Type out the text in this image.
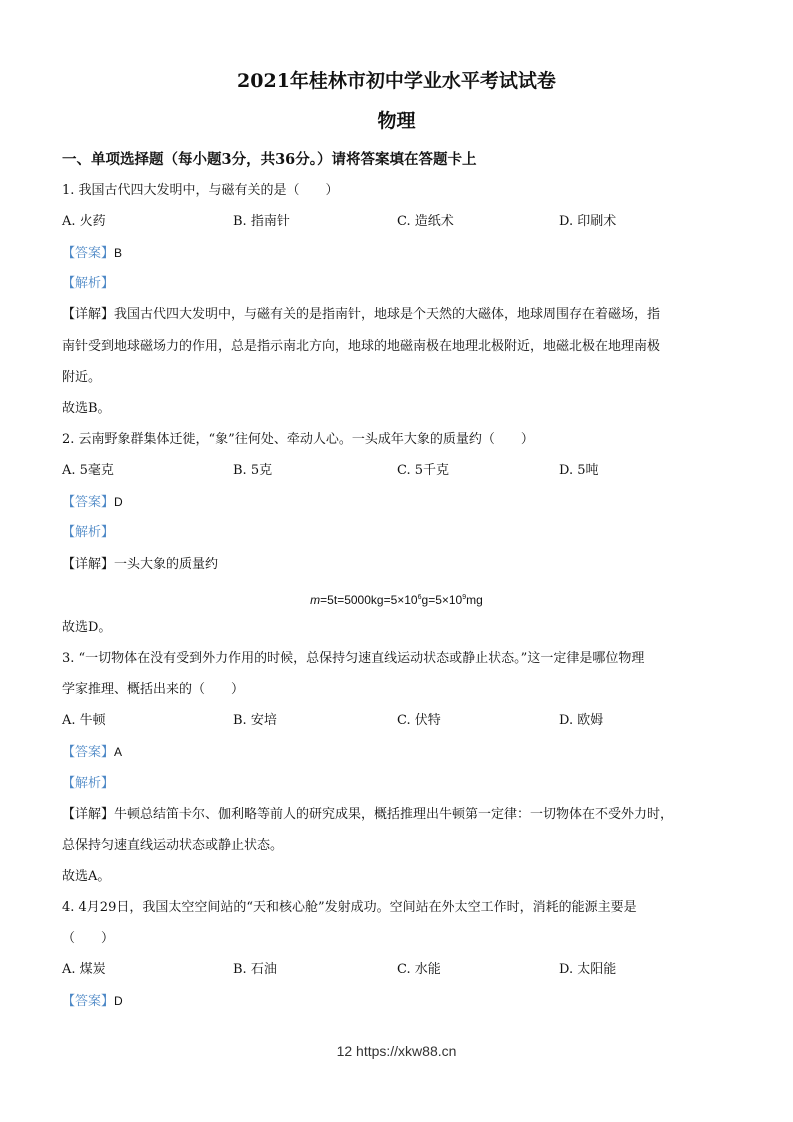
2021年桂林市初中学业水平考试试卷
物理
一、单项选择题（每小题3分，共36分。）请将答案填在答题卡上
1. 我国古代四大发明中，与磁有关的是（　　）
A. 火药	B. 指南针	C. 造纸术	D. 印刷术
【答案】B
【解析】
【详解】我国古代四大发明中，与磁有关的是指南针，地球是个天然的大磁体，地球周围存在着磁场，指
南针受到地球磁场力的作用，总是指示南北方向，地球的地磁南极在地理北极附近，地磁北极在地理南极
附近。
故选B。
2. 云南野象群集体迁徙，“象”往何处、牵动人心。一头成年大象的质量约（　　）
A. 5毫克	B. 5克	C. 5千克	D. 5吨
【答案】D
【解析】
【详解】一头大象的质量约
$m=5t=5000kg=5\times 10^6g=5\times 10^9mg$
故选D。
3. “一切物体在没有受到外力作用的时候，总保持匀速直线运动状态或静止状态。”这一定律是哪位物理
学家推理、概括出来的（　　）
A. 牛顿	B. 安培	C. 伏特	D. 欧姆
【答案】A
【解析】
【详解】牛顿总结笛卡尔、伽利略等前人的研究成果，概括推理出牛顿第一定律：一切物体在不受外力时，
总保持匀速直线运动状态或静止状态。
故选A。
4. 4月29日，我国太空空间站的“天和核心舱”发射成功。空间站在外太空工作时，消耗的能源主要是
（　　）
A. 煤炭	B. 石油	C. 水能	D. 太阳能
【答案】D
12 https://xkw88.cn
